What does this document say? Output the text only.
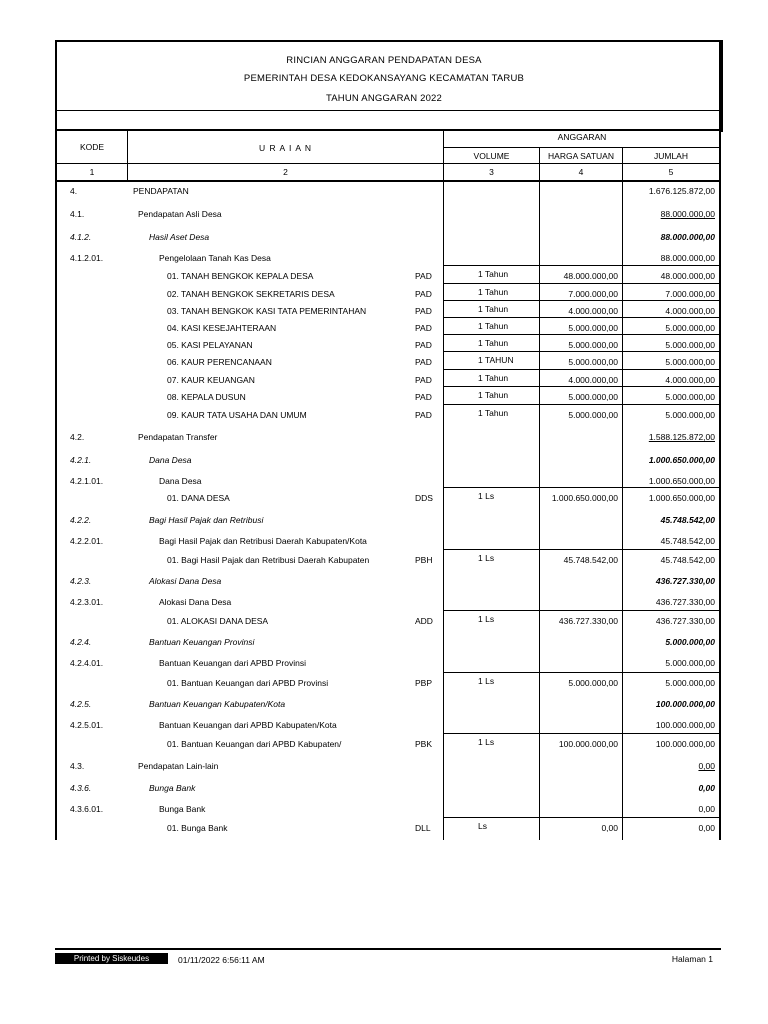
RINCIAN ANGGARAN PENDAPATAN DESA
PEMERINTAH DESA KEDOKANSAYANG KECAMATAN TARUB
TAHUN ANGGARAN 2022
KODE	U R A I A N
ANGGARAN
VOLUME	HARGA SATUAN	JUMLAH
1	2	3	4	5
4.	PENDAPATAN	1.676.125.872,00
4.1.	Pendapatan Asli Desa	88.000.000,00
4.1.2.	Hasil Aset Desa	88.000.000,00
4.1.2.01.	Pengelolaan Tanah Kas Desa	88.000.000,00
01. TANAH BENGKOK KEPALA DESA	PAD	1 Tahun	48.000.000,00	48.000.000,00
02. TANAH BENGKOK SEKRETARIS DESA	PAD	1 Tahun	7.000.000,00	7.000.000,00
03. TANAH BENGKOK KASI TATA PEMERINTAHAN	PAD	1 Tahun	4.000.000,00	4.000.000,00
04. KASI KESEJAHTERAAN	PAD	1 Tahun	5.000.000,00	5.000.000,00
05. KASI PELAYANAN	PAD	1 Tahun	5.000.000,00	5.000.000,00
06. KAUR PERENCANAAN	PAD	1 TAHUN	5.000.000,00	5.000.000,00
07. KAUR KEUANGAN	PAD	1 Tahun	4.000.000,00	4.000.000,00
08. KEPALA DUSUN	PAD	1 Tahun	5.000.000,00	5.000.000,00
09. KAUR TATA USAHA DAN UMUM	PAD	1 Tahun	5.000.000,00	5.000.000,00
4.2.	Pendapatan Transfer	1.588.125.872,00
4.2.1.	Dana Desa	1.000.650.000,00
4.2.1.01.	Dana Desa	1.000.650.000,00
01. DANA DESA	DDS	1 Ls	1.000.650.000,00	1.000.650.000,00
4.2.2.	Bagi Hasil Pajak dan Retribusi	45.748.542,00
4.2.2.01.	Bagi Hasil Pajak dan Retribusi Daerah Kabupaten/Kota	45.748.542,00
01. Bagi Hasil Pajak dan Retribusi Daerah Kabupaten	PBH	1 Ls	45.748.542,00	45.748.542,00
4.2.3.	Alokasi Dana Desa	436.727.330,00
4.2.3.01.	Alokasi Dana Desa	436.727.330,00
01. ALOKASI DANA DESA	ADD	1 Ls	436.727.330,00	436.727.330,00
4.2.4.	Bantuan Keuangan Provinsi	5.000.000,00
4.2.4.01.	Bantuan Keuangan dari APBD Provinsi	5.000.000,00
01. Bantuan Keuangan dari APBD Provinsi	PBP	1 Ls	5.000.000,00	5.000.000,00
4.2.5.	Bantuan Keuangan Kabupaten/Kota	100.000.000,00
4.2.5.01.	Bantuan Keuangan dari APBD Kabupaten/Kota	100.000.000,00
01. Bantuan Keuangan dari APBD Kabupaten/	PBK	1 Ls	100.000.000,00	100.000.000,00
4.3.	Pendapatan Lain-lain	0,00
4.3.6.	Bunga Bank	0,00
4.3.6.01.	Bunga Bank	0,00
01. Bunga Bank	DLL	Ls	0,00	0,00
Printed by Siskeudes	01/11/2022 6:56:11 AM	Halaman 1
